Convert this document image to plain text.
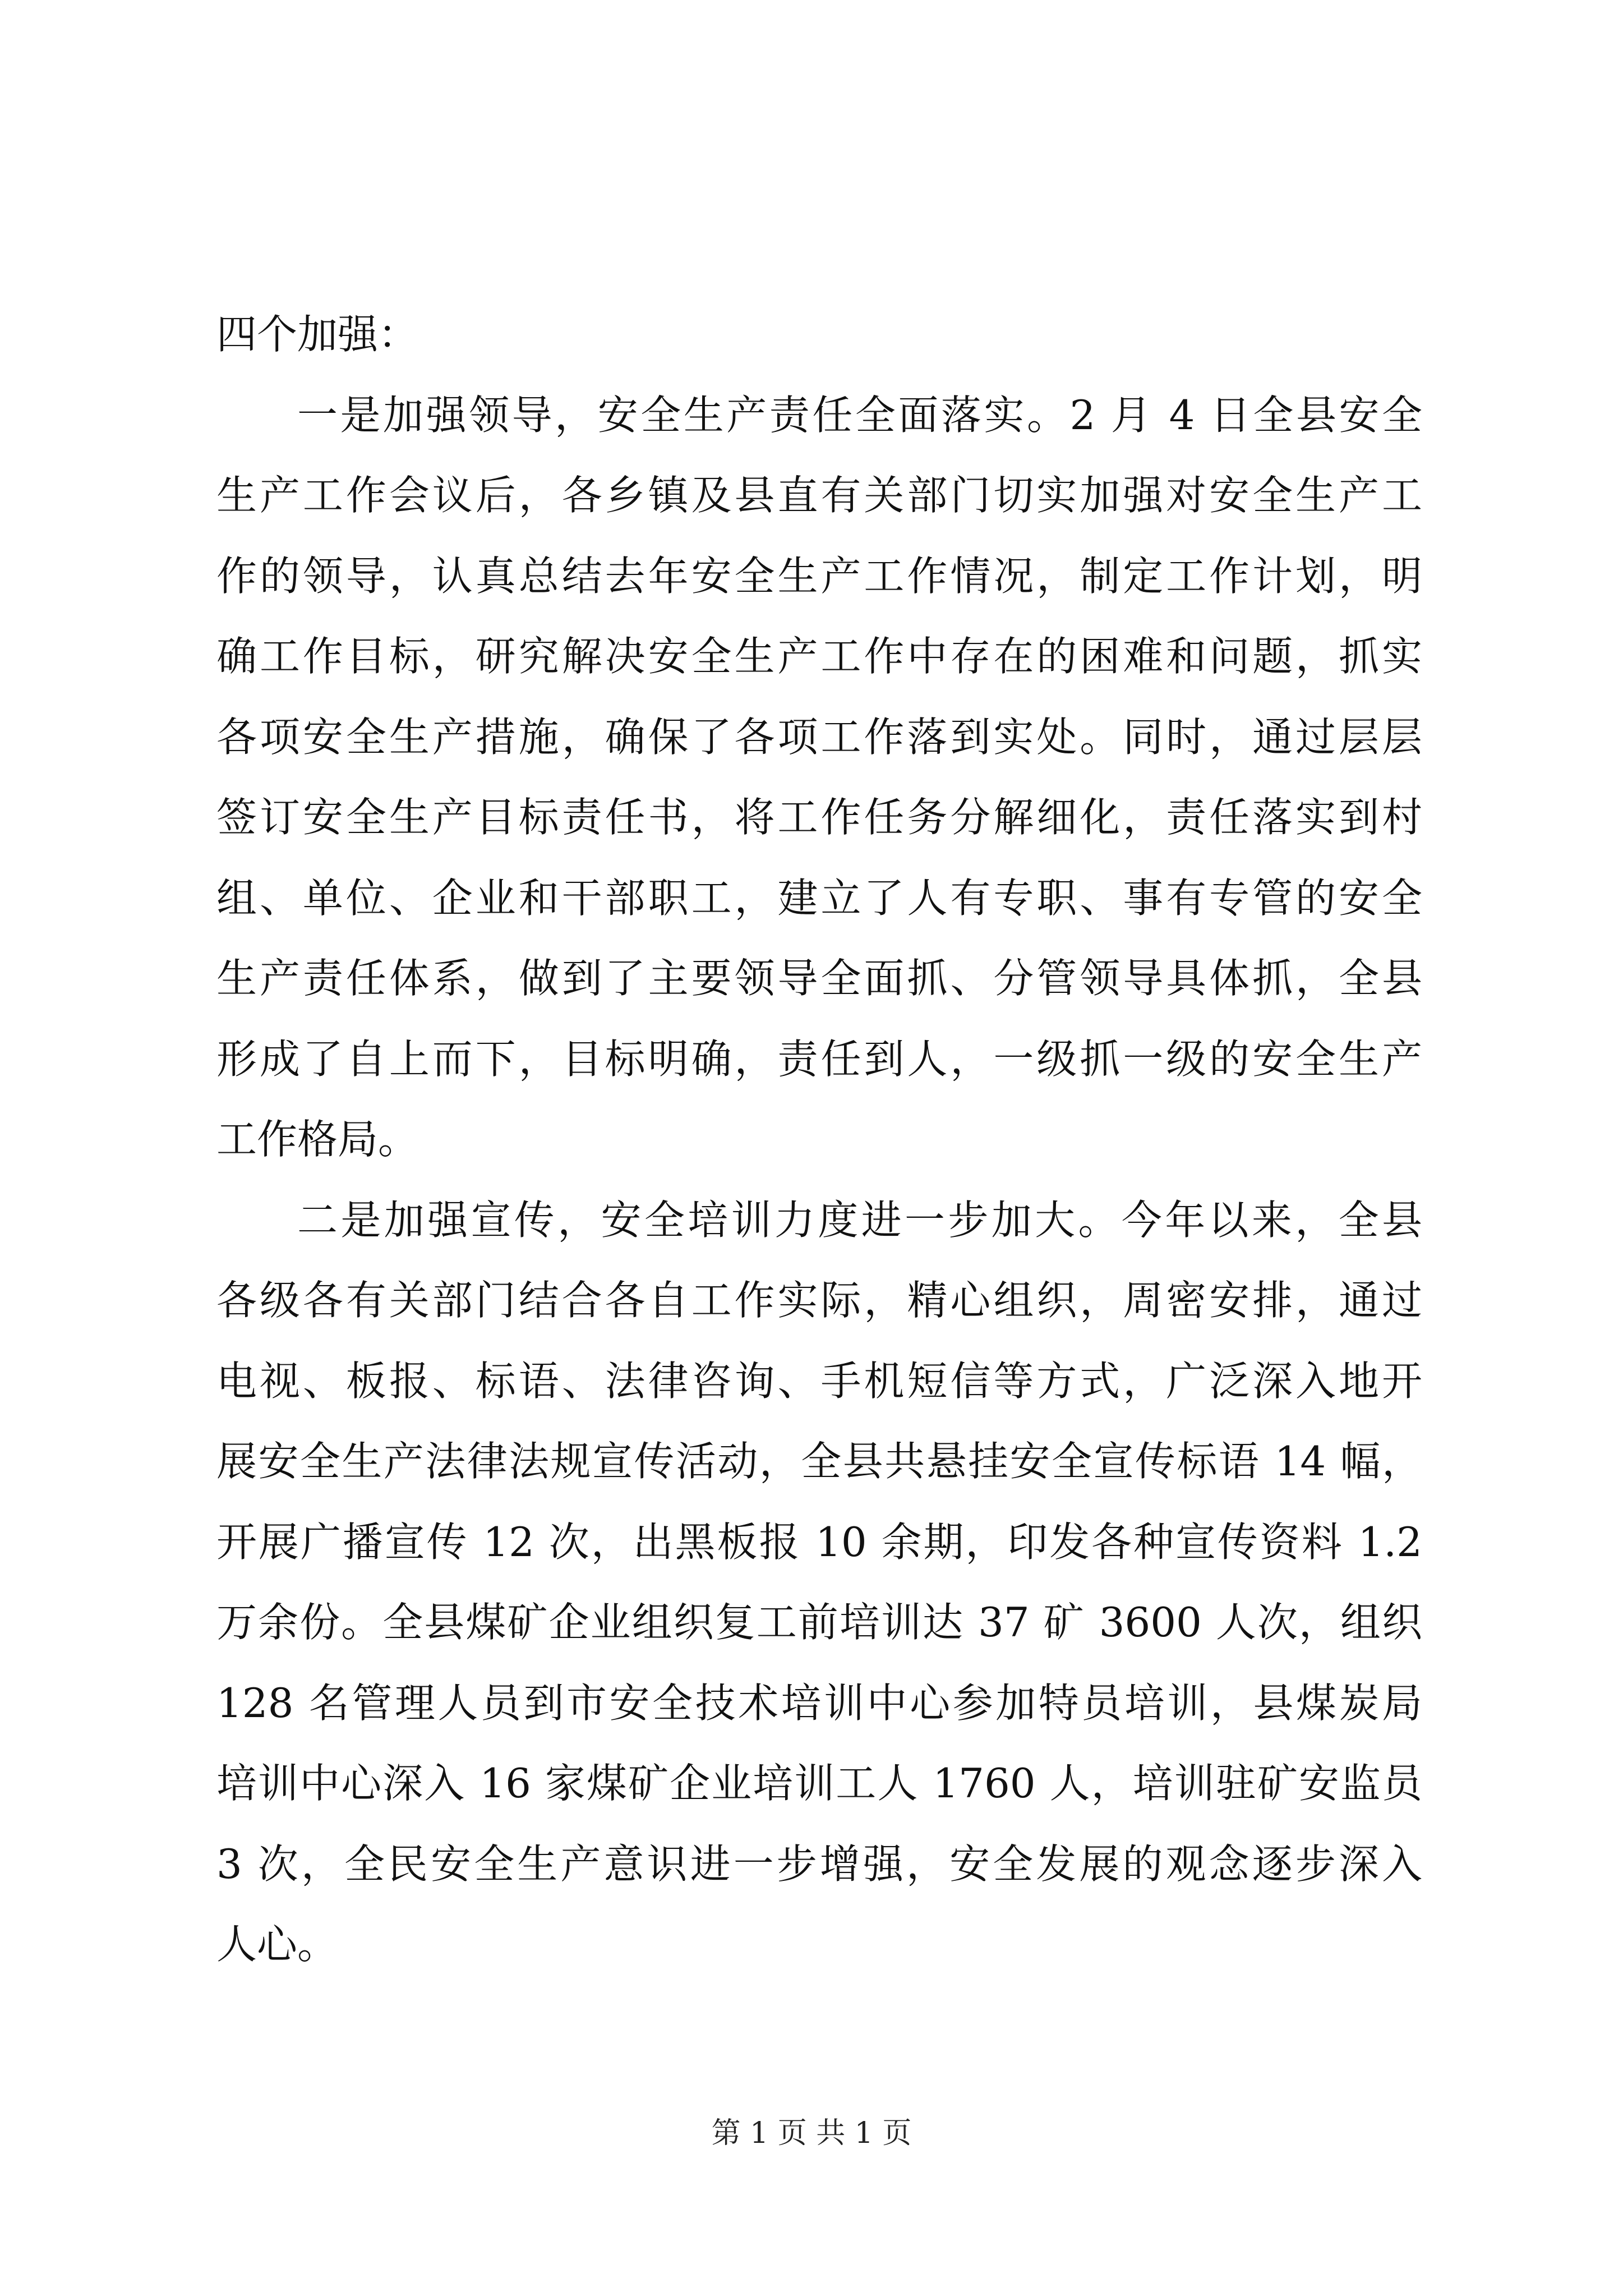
四个加强：
一是加强领导，安全生产责任全面落实。2 月 4 日全县安全
生产工作会议后，各乡镇及县直有关部门切实加强对安全生产工
作的领导，认真总结去年安全生产工作情况，制定工作计划，明
确工作目标，研究解决安全生产工作中存在的困难和问题，抓实
各项安全生产措施，确保了各项工作落到实处。同时，通过层层
签订安全生产目标责任书，将工作任务分解细化，责任落实到村
组、单位、企业和干部职工，建立了人有专职、事有专管的安全
生产责任体系，做到了主要领导全面抓、分管领导具体抓，全县
形成了自上而下，目标明确，责任到人，一级抓一级的安全生产
工作格局。
二是加强宣传，安全培训力度进一步加大。今年以来，全县
各级各有关部门结合各自工作实际，精心组织，周密安排，通过
电视、板报、标语、法律咨询、手机短信等方式，广泛深入地开
展安全生产法律法规宣传活动，全县共悬挂安全宣传标语 14 幅，
开展广播宣传 12 次，出黑板报 10 余期，印发各种宣传资料 1.2
万余份。全县煤矿企业组织复工前培训达 37 矿 3600 人次，组织
128 名管理人员到市安全技术培训中心参加特员培训，县煤炭局
培训中心深入 16 家煤矿企业培训工人 1760 人，培训驻矿安监员
3 次，全民安全生产意识进一步增强，安全发展的观念逐步深入
人心。
第 1 页 共 1 页
